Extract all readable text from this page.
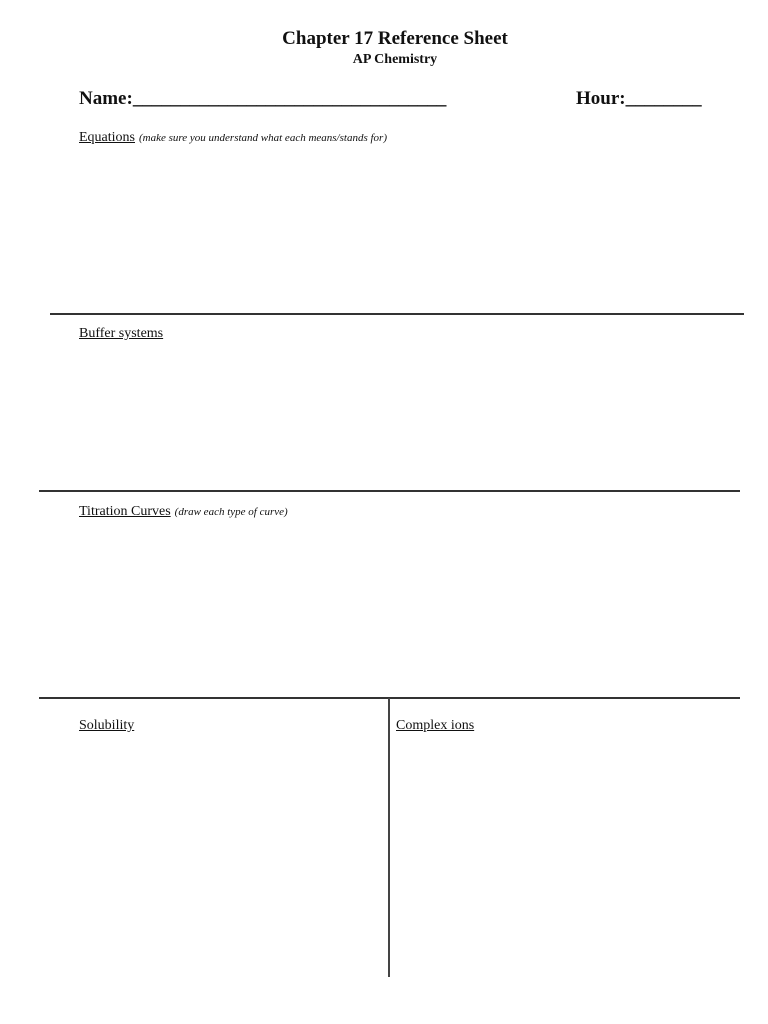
Chapter 17 Reference Sheet
AP Chemistry
Name:_________________________________	Hour:________
Equations (make sure you understand what each means/stands for)
Buffer systems
Titration Curves (draw each type of curve)
Solubility	Complex ions
